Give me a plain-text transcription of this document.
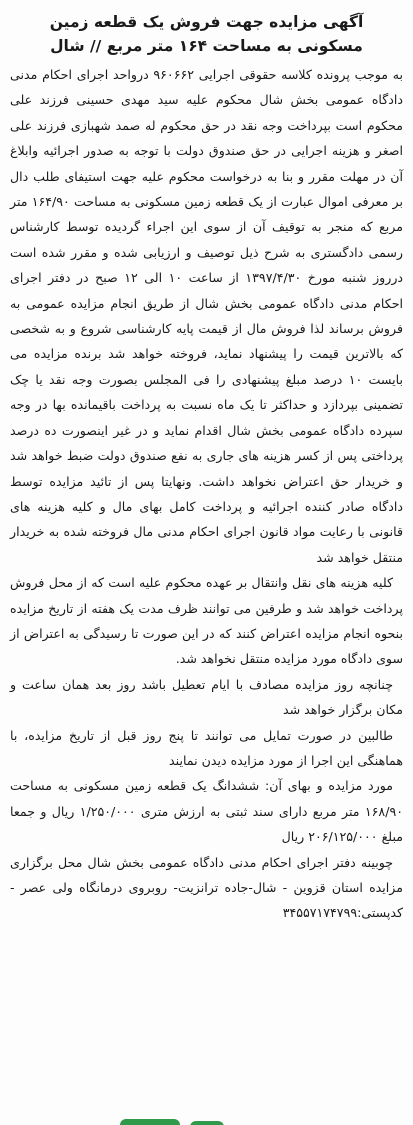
آگهی مزایده جهت فروش یک قطعه زمین
مسکونی به مساحت ۱۶۴ متر مربع // شال

به موجب پرونده کلاسه حقوقی اجرایی ۹۶۰۶۶۲ درواحد اجرای احکام مدنی دادگاه عمومی بخش شال محکوم علیه سید مهدی حسینی فرزند علی محکوم است بپرداخت وجه نقد در حق محکوم له صمد شهبازی فرزند علی اصغر و هزینه اجرایی در حق صندوق دولت با توجه به صدور اجرائیه وابلاغ آن در مهلت مقرر و بنا به درخواست محکوم علیه جهت استیفای طلب دال بر معرفی اموال عبارت از یک قطعه زمین مسکونی به مساحت ۱۶۴/۹۰ متر مربع که منجر به توقیف آن از سوی این اجراء گردیده توسط کارشناس رسمی دادگستری به شرح ذیل توصیف و ارزیابی شده و مقرر شده است درروز شنبه مورخ ۱۳۹۷/۴/۳۰ از ساعت ۱۰ الی ۱۲ صبح در دفتر اجرای احکام مدنی دادگاه عمومی بخش شال از طریق انجام مزایده عمومی به فروش برساند لذا فروش مال از قیمت پایه کارشناسی شروع و به شخصی که بالاترین قیمت را پیشنهاد نماید، فروخته خواهد شد برنده مزایده می بایست ۱۰ درصد مبلغ پیشنهادی را فی المجلس بصورت وجه نقد یا چک تضمینی بپردازد و حداکثر تا یک ماه نسبت به پرداخت باقیمانده بها در وجه سپرده دادگاه عمومی بخش شال اقدام نماید و در غیر اینصورت ده درصد پرداختی پس از کسر هزینه های جاری به نفع صندوق دولت ضبط خواهد شد و خریدار حق اعتراض نخواهد داشت. ونهایتا پس از تائید مزایده توسط دادگاه صادر کننده اجرائیه و پرداخت کامل بهای مال و کلیه هزینه های قانونی با رعایت مواد قانون اجرای احکام مدنی مال فروخته شده به خریدار منتقل خواهد شد

کلیه هزینه های نقل وانتقال بر عهده محکوم علیه است که از محل فروش پرداخت خواهد شد و طرفین می توانند ظرف مدت یک هفته از تاریخ مزایده بنحوه انجام مزایده اعتراض کنند که در این صورت تا رسیدگی به اعتراض از سوی دادگاه مورد مزایده منتقل نخواهد شد.

چنانچه روز مزایده مصادف با ایام تعطیل باشد روز بعد همان ساعت و مکان برگزار خواهد شد

طالبین در صورت تمایل می توانند تا پنج روز قبل از تاریخ مزایده، با هماهنگی این اجرا از مورد مزایده دیدن نمایند

مورد مزایده و بهای آن: ششدانگ یک قطعه زمین مسکونی به مساحت ۱۶۸/۹۰ متر مربع دارای سند ثبتی به ارزش متری ۱/۲۵۰/۰۰۰ ریال و جمعا مبلغ ۲۰۶/۱۲۵/۰۰۰ ریال

چوبینه دفتر اجرای احکام مدنی دادگاه عمومی بخش شال محل برگزاری مزایده استان قزوین - شال-جاده ترانزیت- روبروی درمانگاه ولی عصر - کدپستی:۳۴۵۵۷۱۷۴۷۹۹
